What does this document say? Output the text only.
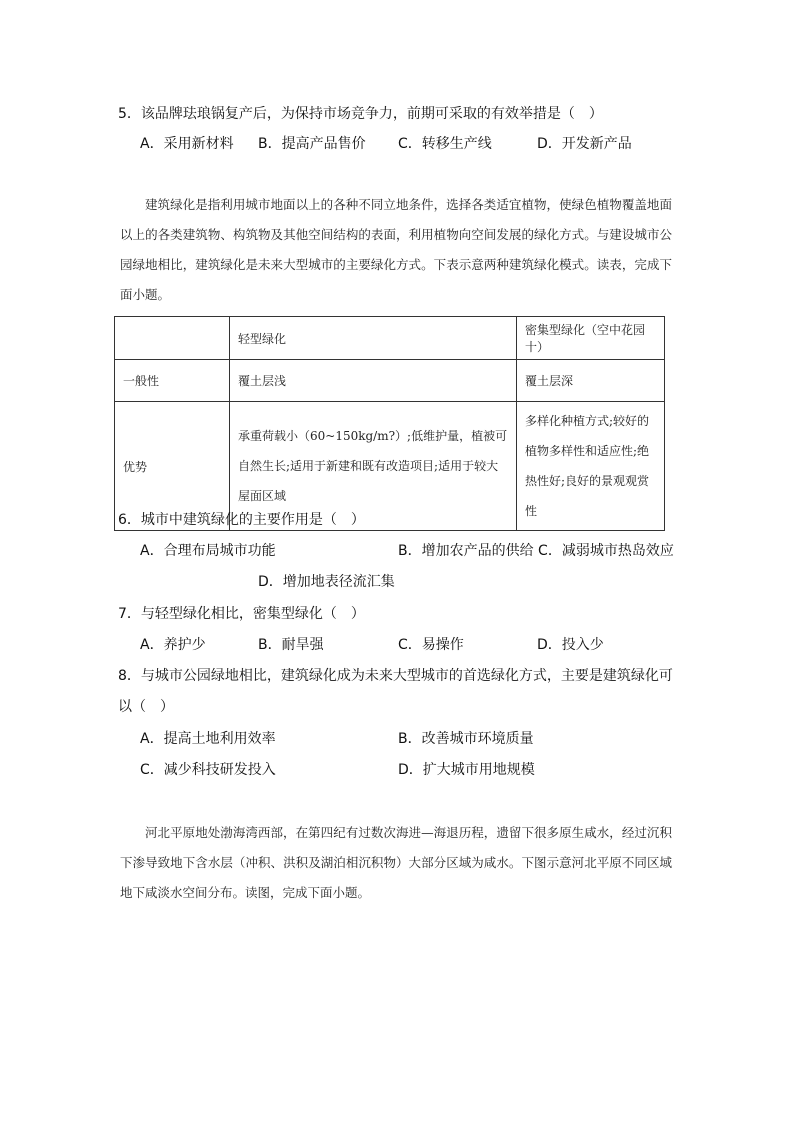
5．该品牌珐琅锅复产后，为保持市场竞争力，前期可采取的有效举措是（　）
A．采用新材料 B．提高产品售价 C．转移生产线	D．开发新产品

建筑绿化是指利用城市地面以上的各种不同立地条件，选择各类适宜植物，使绿色植物覆盖地面以上的各类建筑物、构筑物及其他空间结构的表面，利用植物向空间发展的绿化方式。与建设城市公园绿地相比，建筑绿化是未来大型城市的主要绿化方式。下表示意两种建筑绿化模式。读表，完成下面小题。

	轻型绿化	密集型绿化（空中花园十）
一般性	覆土层浅	覆土层深
优势	承重荷载小（60~150kg/m?）;低维护量，植被可自然生长;适用于新建和既有改造项目;适用于较大屋面区域	多样化种植方式;较好的植物多样性和适应性;绝热性好;良好的景观观赏性
6．城市中建筑绿化的主要作用是（　）
A．合理布局城市功能	B．增加农产品的供给 C．减弱城市热岛效应
D．增加地表径流汇集
7．与轻型绿化相比，密集型绿化（　）
A．养护少	B．耐旱强	C．易操作	D．投入少
8．与城市公园绿地相比，建筑绿化成为未来大型城市的首选绿化方式，主要是建筑绿化可
以（　）
A．提高土地利用效率	B．改善城市环境质量
C．减少科技研发投入	D．扩大城市用地规模

河北平原地处渤海湾西部，在第四纪有过数次海进—海退历程，遗留下很多原生咸水，经过沉积下渗导致地下含水层（冲积、洪积及湖泊相沉积物）大部分区域为咸水。下图示意河北平原不同区域地下咸淡水空间分布。读图，完成下面小题。
